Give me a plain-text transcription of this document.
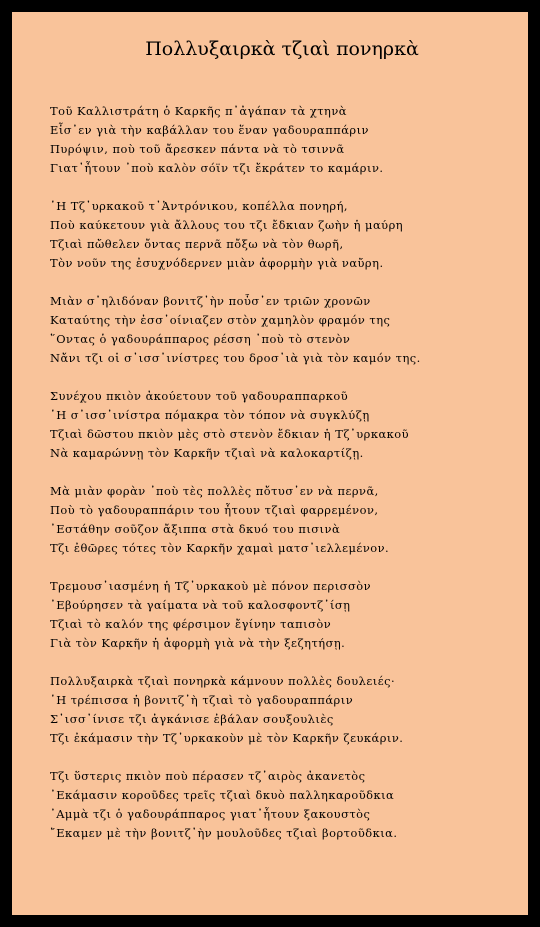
Πολλυξαιρκὰ τζιαὶ πονηρκὰ
Τοῦ Καλλιστράτη ὁ Καρκῆς π᾿ἀγάπαν τὰ χτηνὰ
Εἶσ᾿εν γιὰ τὴν καβάλλαν του ἕναν γαδουραππάριν
Πυρόψιν, ποὺ τοῦ ἄρεσκεν πάντα νὰ τὸ τσιννᾶ
Γιατ᾿ἦτουν ᾿ποὺ καλὸν σόϊν τζι ἔκράτεν το καμάριν.
῾Η Τζ᾿υρκακοῦ τ᾿Ἀντρόνικου, κοπέλλα πονηρή,
Ποὺ καύκετουν γιὰ ἄλλους του τζι ἔδκιαν ζωὴν ἡ μαύρη
Τζιαὶ πὤθελεν ὄντας περνᾶ πὄξω νὰ τὸν θωρῆ,
Τὸν νοῦν της ἐσυχνόδερνεν μιὰν ἀφορμὴν γιὰ ναὔρη.
Μιὰν σ᾿ηλιδόναν βονιτζ᾿ὴν ποὖσ᾿εν τριῶν χρονῶν
Καταύτης τὴν ἐσσ᾿οίνιαζεν στὸν χαμηλὸν φραμόν της
῞Οντας ὁ γαδουράππαρος ρέσση ᾿ποὺ τὸ στενὸν
Νἄνι τζι οἱ σ᾿ισσ᾿ινίστρες του δροσ᾿ιὰ γιὰ τὸν καμόν της.
Συνέχου πκιὸν ἀκούετουν τοῦ γαδουραππαρκοῦ
῾Η σ᾿ισσ᾿ινίστρα πόμακρα τὸν τόπον νὰ συγκλύζῃ
Τζιαὶ δῶστου πκιὸν μὲς στὸ στενὸν ἔδκιαν ἡ Τζ᾿υρκακοῦ
Νὰ καμαρώννῃ τὸν Καρκῆν τζιαὶ νὰ καλοκαρτίζῃ.
Μὰ μιὰν φορὰν ᾿ποὺ τὲς πολλὲς πὄτυσ᾿εν νὰ περνᾶ,
Ποὺ τὸ γαδουραππάριν του ἦτουν τζιαὶ φαρρεμένον,
᾿Εστάθην σοῦζον ἄξιππα στὰ δκυό του πισινὰ
Τζι ἐθῶρες τότες τὸν Καρκῆν χαμαὶ ματσ᾿ιελλεμένον.
Τρεμουσ᾿ιασμένη ἡ Τζ᾿υρκακοὺ μὲ πόνον περισσὸν
᾿Εβούρησεν τὰ γαίματα νὰ τοῦ καλοσφοντζ᾿ίσῃ
Τζιαὶ τὸ καλόν της φέρσιμον ἔγίνην ταπισὸν
Γιὰ τὸν Καρκῆν ἡ ἀφορμὴ γιὰ νὰ τὴν ξεζητήσῃ.
Πολλυξαιρκὰ τζιαὶ πονηρκὰ κάμνουν πολλὲς δουλειές·
῾Η τρέπισσα ἡ βονιτζ᾿ὴ τζιαὶ τὸ γαδουραππάριν
Σ᾿ισσ᾿ίνισε τζι ἀγκάνισε ἐβάλαν σουξουλιὲς
Τζι ἐκάμασιν τὴν Τζ᾿υρκακοὺν μὲ τὸν Καρκῆν ζευκάριν.
Τζι ὕστερις πκιὸν ποὺ πέρασεν τζ᾿αιρὸς ἀκανετὸς
᾿Εκάμασιν κοροῦδες τρεῖς τζιαὶ δκυὸ παλληκαροῦδκια
᾿Αμμὰ τζι ὁ γαδουράππαρος γιατ᾿ἦτουν ξακουστὸς
῎Εκαμεν μὲ τὴν βονιτζ᾿ὴν μουλοῦδες τζιαὶ βορτοῦδκια.
